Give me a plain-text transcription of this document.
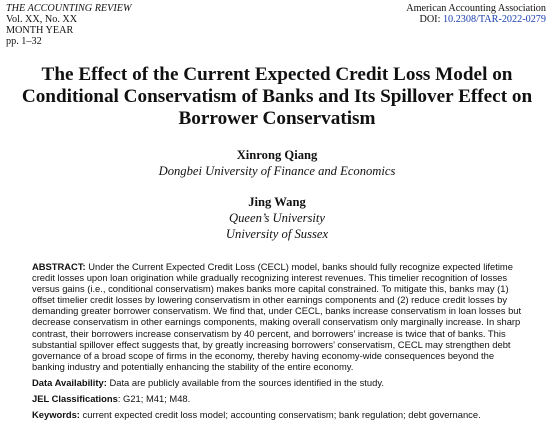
THE ACCOUNTING REVIEW
Vol. XX, No. XX
MONTH YEAR
pp. 1–32
American Accounting Association
DOI: 10.2308/TAR-2022-0279
The Effect of the Current Expected Credit Loss Model on Conditional Conservatism of Banks and Its Spillover Effect on Borrower Conservatism
Xinrong Qiang
Dongbei University of Finance and Economics
Jing Wang
Queen’s University
University of Sussex

ABSTRACT: Under the Current Expected Credit Loss (CECL) model, banks should fully recognize expected lifetime credit losses upon loan origination while gradually recognizing interest revenues. This timelier recognition of losses versus gains (i.e., conditional conservatism) makes banks more capital constrained. To mitigate this, banks may (1) offset timelier credit losses by lowering conservatism in other earnings components and (2) reduce credit losses by demanding greater borrower conservatism. We find that, under CECL, banks increase conservatism in loan losses but decrease conservatism in other earnings components, making overall conservatism only marginally increase. In sharp contrast, their borrowers increase conservatism by 40 percent, and borrowers’ increase is twice that of banks. This substantial spillover effect suggests that, by greatly increasing borrowers’ conservatism, CECL may strengthen debt governance of a broad scope of firms in the economy, thereby having economy-wide consequences beyond the banking industry and potentially enhancing the stability of the entire economy.

Data Availability: Data are publicly available from the sources identified in the study.

JEL Classifications: G21; M41; M48.

Keywords: current expected credit loss model; accounting conservatism; bank regulation; debt governance.
